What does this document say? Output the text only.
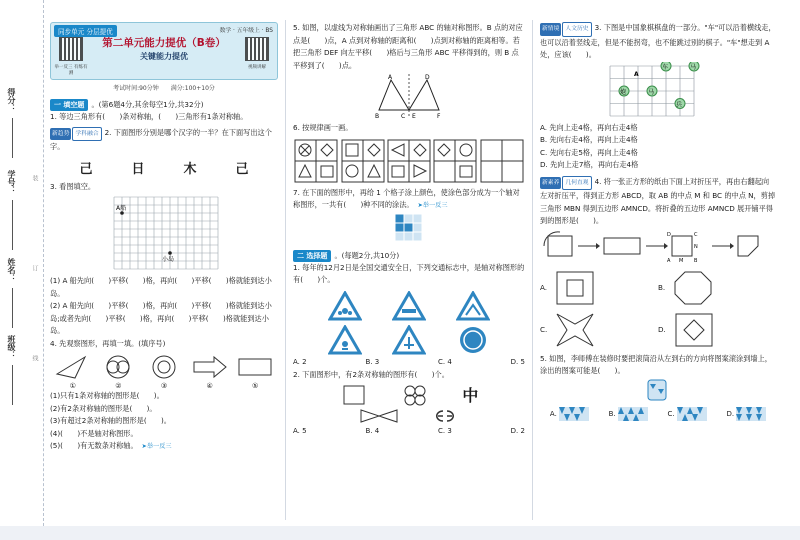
得分：
学号：
姓名：
班级：
装
订
线
同步单元 分层提优	数学 · 五年级上 · BS
举一反三 有练有测
第二单元能力提优（B卷）
关键能力提优
视频讲解
考试时间:90分钟　　满分:100+10分
一 填空题 。(第6题4分,其余每空1分,共32分)

1. 等边三角形有(　　)条对称轴，(　　)三角形有1条对称轴。

新趋势 学科融合 2. 下面图形分别是哪个汉字的一半？在下面写出这个字。

己	日	木	己

3. 看图填空。

A船
小岛

(1) A 船先向(　　)平移(　　)格，再向(　　)平移(　　)格就能到达小岛。

(2) A 船先向(　　)平移(　　)格，再向(　　)平移(　　)格就能到达小岛;或者先向(　　)平移(　　)格，再向(　　)平移(　　)格就能到达小岛。

4. 先观察图形，再填一填。(填序号)

①	②	③	④	⑤

(1)只有1条对称轴的图形是(　　)。

(2)有2条对称轴的图形是(　　)。

(3)有超过2条对称轴的图形是(　　)。

(4)(　　)不是轴对称图形。

(5)(　　)有无数条对称轴。 ➤举一反三

5. 如图，以虚线为对称轴画出了三角形 ABC 的轴对称图形。B 点的对应点是(　　)点，A 点到对称轴的距离和(　　)点到对称轴的距离相等。若把三角形 DEF 向左平移(　　)格后与三角形 ABC 平移得到的，则 B 点平移到了(　　)点。

A	D
B	C E	F

6. 按规律画一画。

7. 在下面的图形中，再给 1 个格子涂上颜色，使涂色部分成为一个轴对称图形，一共有(　　)种不同的涂法。 ➤举一反三

二 选择题 。(每题2分,共10分)

1. 每年的12月2日是全国交通安全日，下列交通标志中，是轴对称图形的有(　　)个。

A. 2	B. 3	C. 4	D. 5

2. 下面图形中，有2条对称轴的图形有(　　)个。

中
A. 5	B. 4	C. 3	D. 2

新情境 人文历史 3. 下图是中国象棋棋盘的一部分。"车"可以沿着横线走，也可以沿着竖线走，但是不能拐弯，也不能跳过别的棋子。"车"想走到 A 处，应该(　　)。

车	马
炮	马
兵
A

A. 先向上走4格，再向右走4格

B. 先向右走4格，再向上走4格

C. 先向右走5格，再向上走4格

D. 先向上走7格，再向右走4格

新素养 几何直观 4. 将一张正方形的纸由下面上对折压平，再由右翻起向左对折压平，得到正方形 ABCD，取 AB 的中点 M 和 BC 的中点 N，剪掉三角形 MBN 得到五边形 AMNCD。将折叠的五边形 AMNCD 展开铺平得到的图形是(　　)。

D	C
N
A M B
A.	B.
C.	D.

5. 如图，李师傅在装修时要把滚筒沿从左到右的方向将图案滚涂到墙上，涂出的图案可能是(　　)。

A.	B.	C.	D.
